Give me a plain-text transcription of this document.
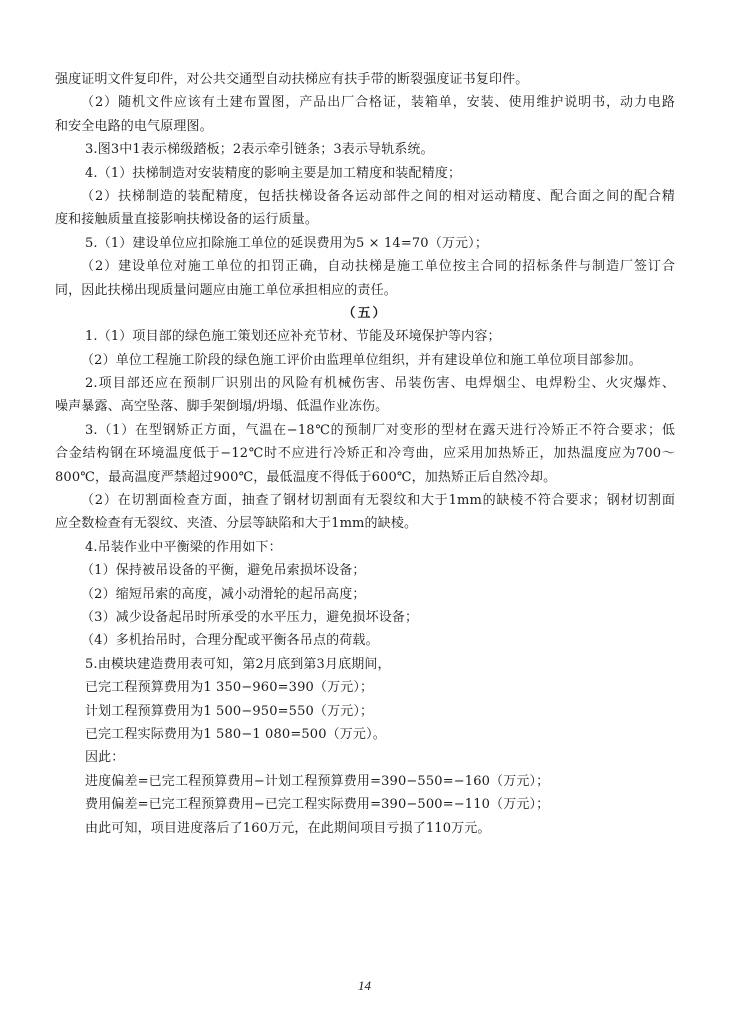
强度证明文件复印件，对公共交通型自动扶梯应有扶手带的断裂强度证书复印件。
（2）随机文件应该有土建布置图，产品出厂合格证，装箱单，安装、使用维护说明书，动力电路
和安全电路的电气原理图。
3.图3中1表示梯级踏板；2表示牵引链条；3表示导轨系统。
4.（1）扶梯制造对安装精度的影响主要是加工精度和装配精度；
（2）扶梯制造的装配精度，包括扶梯设备各运动部件之间的相对运动精度、配合面之间的配合精
度和接触质量直接影响扶梯设备的运行质量。
5.（1）建设单位应扣除施工单位的延误费用为5 × 14=70（万元）；
（2）建设单位对施工单位的扣罚正确，自动扶梯是施工单位按主合同的招标条件与制造厂签订合
同，因此扶梯出现质量问题应由施工单位承担相应的责任。
（五）
1.（1）项目部的绿色施工策划还应补充节材、节能及环境保护等内容；
（2）单位工程施工阶段的绿色施工评价由监理单位组织，并有建设单位和施工单位项目部参加。
2.项目部还应在预制厂识别出的风险有机械伤害、吊装伤害、电焊烟尘、电焊粉尘、火灾爆炸、
噪声暴露、高空坠落、脚手架倒塌/坍塌、低温作业冻伤。
3.（1）在型钢矫正方面，气温在−18℃的预制厂对变形的型材在露天进行冷矫正不符合要求；低
合金结构钢在环境温度低于−12℃时不应进行冷矫正和冷弯曲，应采用加热矫正，加热温度应为700～
800℃，最高温度严禁超过900℃，最低温度不得低于600℃，加热矫正后自然冷却。
（2）在切割面检查方面，抽查了钢材切割面有无裂纹和大于1mm的缺棱不符合要求；钢材切割面
应全数检查有无裂纹、夹渣、分层等缺陷和大于1mm的缺棱。
4.吊装作业中平衡梁的作用如下：
（1）保持被吊设备的平衡，避免吊索损坏设备；
（2）缩短吊索的高度，减小动滑轮的起吊高度；
（3）减少设备起吊时所承受的水平压力，避免损坏设备；
（4）多机抬吊时，合理分配或平衡各吊点的荷载。
5.由模块建造费用表可知，第2月底到第3月底期间，
已完工程预算费用为1 350−960=390（万元）；
计划工程预算费用为1 500−950=550（万元）；
已完工程实际费用为1 580−1 080=500（万元）。
因此：
进度偏差=已完工程预算费用−计划工程预算费用=390−550=−160（万元）；
费用偏差=已完工程预算费用−已完工程实际费用=390−500=−110（万元）；
由此可知，项目进度落后了160万元，在此期间项目亏损了110万元。
14
